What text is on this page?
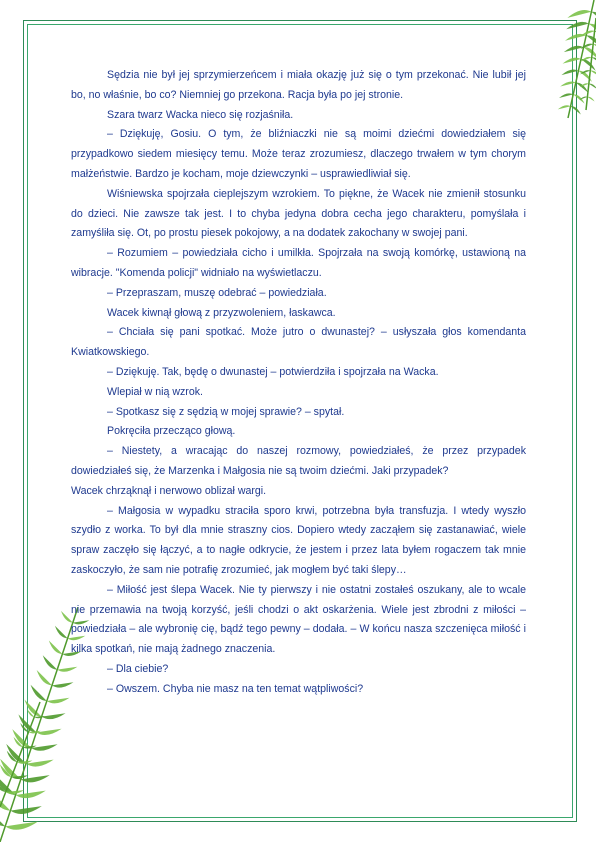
Sędzia nie był jej sprzymierzeńcem i miała okazję już się o tym przekonać. Nie lubił jej bo, no właśnie, bo co? Niemniej go przekona. Racja była po jej stronie.

Szara twarz Wacka nieco się rozjaśniła.

– Dziękuję, Gosiu. O tym, że bliźniaczki nie są moimi dziećmi dowiedziałem się przypadkowo siedem miesięcy temu. Może teraz zrozumiesz, dlaczego trwałem w tym chorym małżeństwie. Bardzo je kocham, moje dziewczynki – usprawiedliwiał się.

Wiśniewska spojrzała cieplejszym wzrokiem. To piękne, że Wacek nie zmienił stosunku do dzieci. Nie zawsze tak jest. I to chyba jedyna dobra cecha jego charakteru, pomyślała i zamyśliła się. Ot, po prostu piesek pokojowy, a na dodatek zakochany w swojej pani.

– Rozumiem – powiedziała cicho i umilkła. Spojrzała na swoją komórkę, ustawioną na wibracje. "Komenda policji" widniało na wyświetlaczu.

– Przepraszam, muszę odebrać – powiedziała.

Wacek kiwnął głową z przyzwoleniem, łaskawca.

– Chciała się pani spotkać. Może jutro o dwunastej? – usłyszała głos komendanta Kwiatkowskiego.

– Dziękuję. Tak, będę o dwunastej – potwierdziła i spojrzała na Wacka.

Wlepiał w nią wzrok.

– Spotkasz się z sędzią w mojej sprawie? – spytał.

Pokręciła przecząco głową.

– Niestety, a wracając do naszej rozmowy, powiedziałeś, że przez przypadek dowiedziałeś się, że Marzenka i Małgosia nie są twoim dziećmi. Jaki przypadek?

Wacek chrząknął i nerwowo oblizał wargi.

– Małgosia w wypadku straciła sporo krwi, potrzebna była transfuzja. I wtedy wyszło szydło z worka. To był dla mnie straszny cios. Dopiero wtedy zacząłem się zastanawiać, wiele spraw zaczęło się łączyć, a to nagłe odkrycie, że jestem i przez lata byłem rogaczem tak mnie zaskoczyło, że sam nie potrafię zrozumieć, jak mogłem być taki ślepy…

– Miłość jest ślepa Wacek. Nie ty pierwszy i nie ostatni zostałeś oszukany, ale to wcale nie przemawia na twoją korzyść, jeśli chodzi o akt oskarżenia. Wiele jest zbrodni z miłości – powiedziała – ale wybronię cię, bądź tego pewny – dodała. – W końcu nasza szczenięca miłość i kilka spotkań, nie mają żadnego znaczenia.

– Dla ciebie?

– Owszem. Chyba nie masz na ten temat wątpliwości?
